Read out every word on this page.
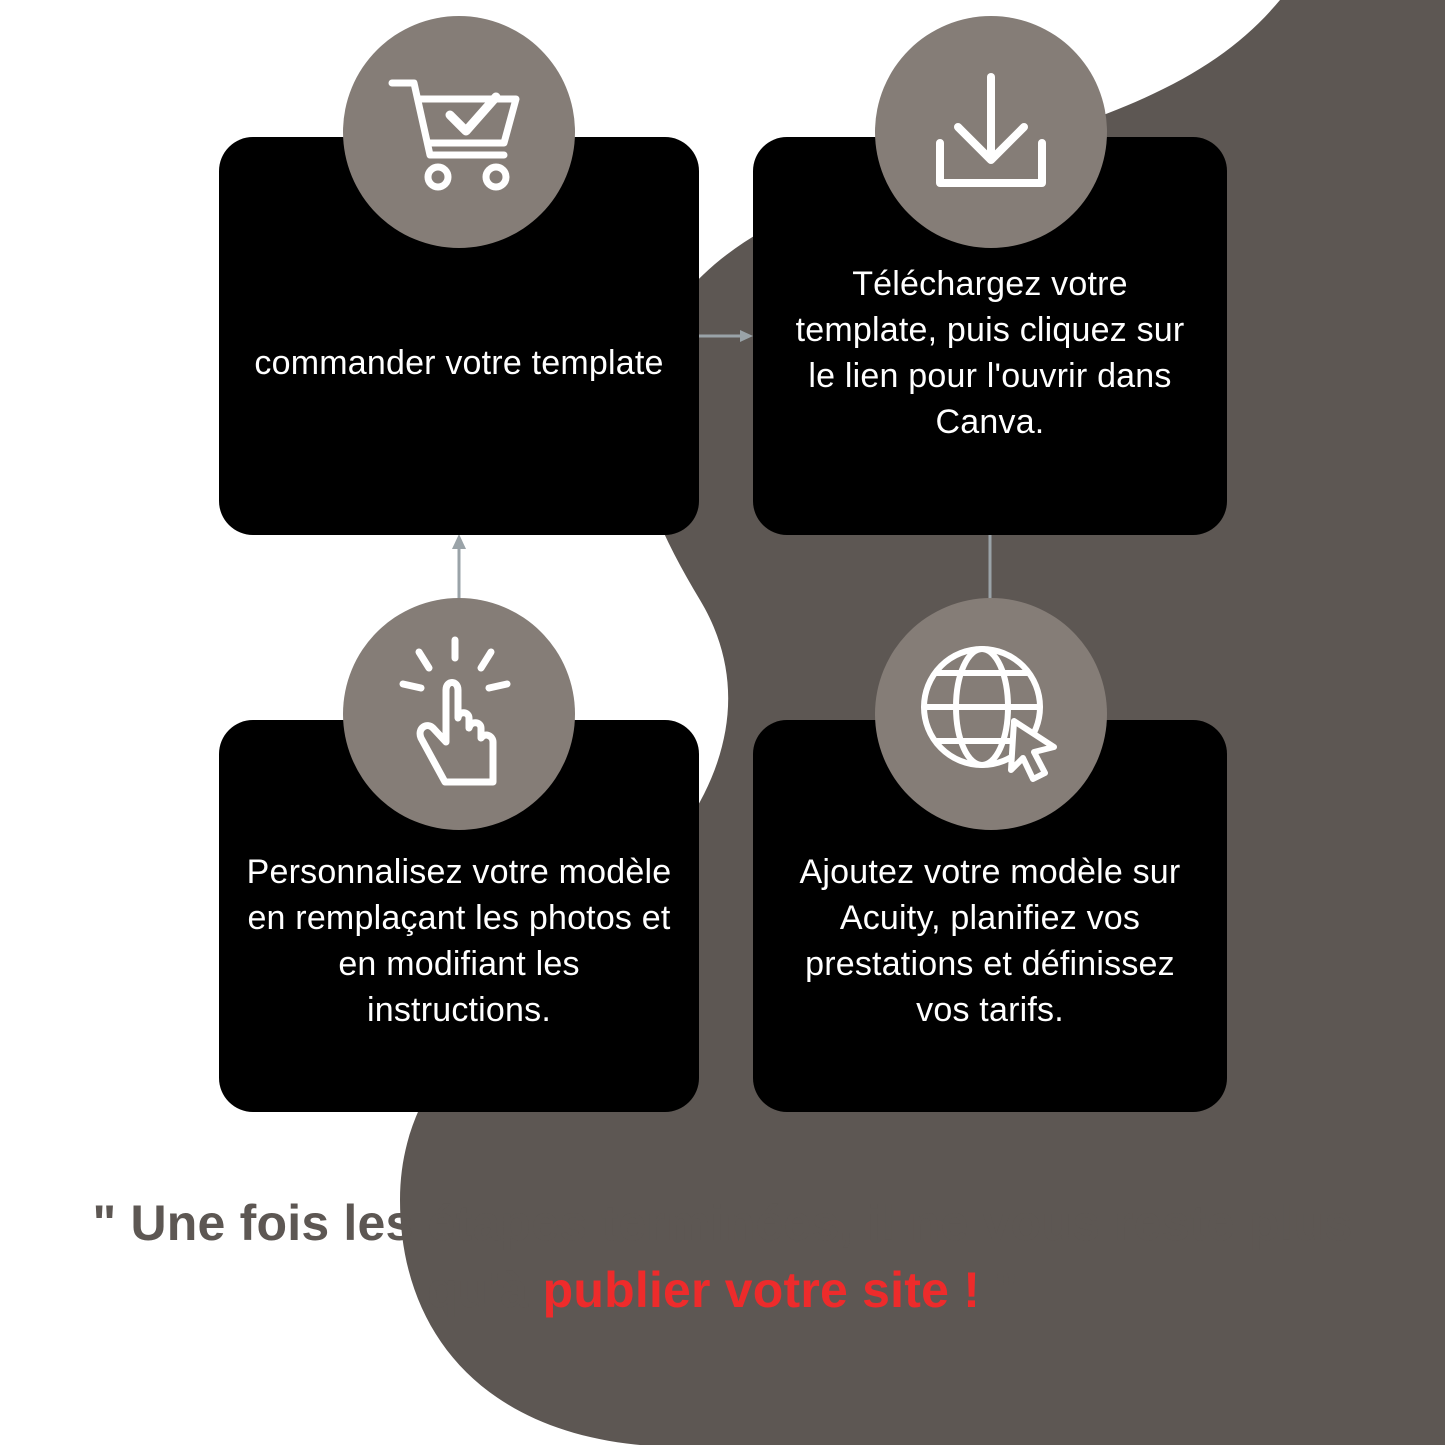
commander votre template
Téléchargez votre template, puis cliquez sur le lien pour l'ouvrir dans Canva.
Personnalisez votre modèle en remplaçant les photos et en modifiant les instructions.
Ajoutez votre modèle sur Acuity, planifiez vos prestations et définissez vos tarifs.
" Une fois les étapes terminées, il ne vous reste plus qu'à publier votre site ! "
